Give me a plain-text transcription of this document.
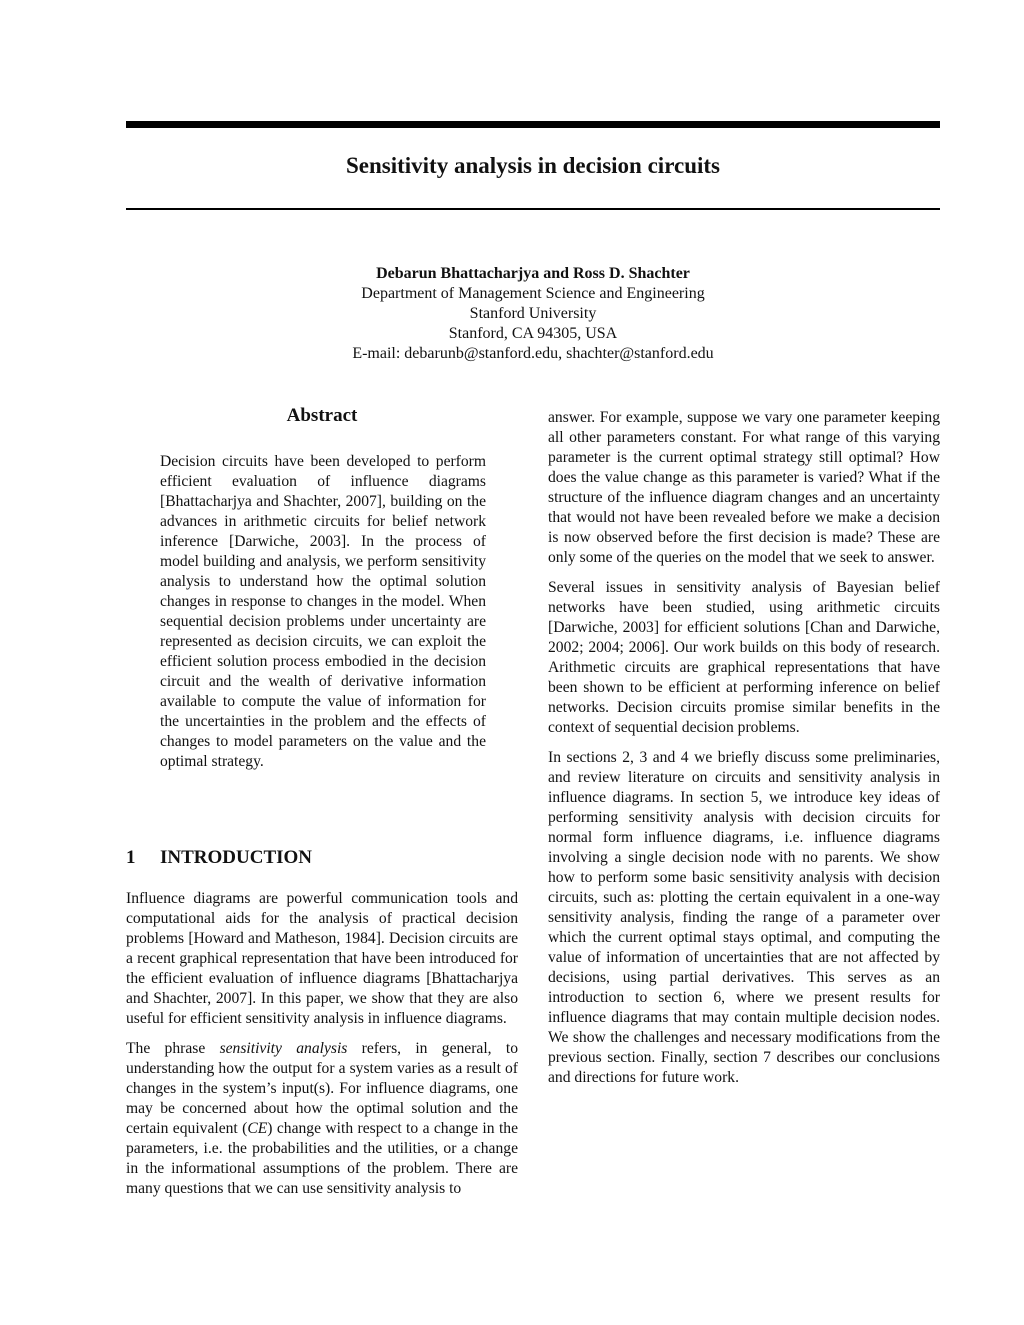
Sensitivity analysis in decision circuits
Debarun Bhattacharjya and Ross D. Shachter
Department of Management Science and Engineering
Stanford University
Stanford, CA 94305, USA
E-mail: debarunb@stanford.edu, shachter@stanford.edu
Abstract
Decision circuits have been developed to perform efficient evaluation of influence diagrams [Bhattacharjya and Shachter, 2007], building on the advances in arithmetic circuits for belief network inference [Darwiche, 2003]. In the process of model building and analysis, we perform sensitivity analysis to understand how the optimal solution changes in response to changes in the model. When sequential decision problems under uncertainty are represented as decision circuits, we can exploit the efficient solution process embodied in the decision circuit and the wealth of derivative information available to compute the value of information for the uncertainties in the problem and the effects of changes to model parameters on the value and the optimal strategy.
1 INTRODUCTION

Influence diagrams are powerful communication tools and computational aids for the analysis of practical decision problems [Howard and Matheson, 1984]. Decision circuits are a recent graphical representation that have been introduced for the efficient evaluation of influence diagrams [Bhattacharjya and Shachter, 2007]. In this paper, we show that they are also useful for efficient sensitivity analysis in influence diagrams.

The phrase sensitivity analysis refers, in general, to understanding how the output for a system varies as a result of changes in the system’s input(s). For influence diagrams, one may be concerned about how the optimal solution and the certain equivalent (CE) change with respect to a change in the parameters, i.e. the probabilities and the utilities, or a change in the informational assumptions of the problem. There are many questions that we can use sensitivity analysis to

answer. For example, suppose we vary one parameter keeping all other parameters constant. For what range of this varying parameter is the current optimal strategy still optimal? How does the value change as this parameter is varied? What if the structure of the influence diagram changes and an uncertainty that would not have been revealed before we make a decision is now observed before the first decision is made? These are only some of the queries on the model that we seek to answer.

Several issues in sensitivity analysis of Bayesian belief networks have been studied, using arithmetic circuits [Darwiche, 2003] for efficient solutions [Chan and Darwiche, 2002; 2004; 2006]. Our work builds on this body of research. Arithmetic circuits are graphical representations that have been shown to be efficient at performing inference on belief networks. Decision circuits promise similar benefits in the context of sequential decision problems.

In sections 2, 3 and 4 we briefly discuss some preliminaries, and review literature on circuits and sensitivity analysis in influence diagrams. In section 5, we introduce key ideas of performing sensitivity analysis with decision circuits for normal form influence diagrams, i.e. influence diagrams involving a single decision node with no parents. We show how to perform some basic sensitivity analysis with decision circuits, such as: plotting the certain equivalent in a one-way sensitivity analysis, finding the range of a parameter over which the current optimal stays optimal, and computing the value of information of uncertainties that are not affected by decisions, using partial derivatives. This serves as an introduction to section 6, where we present results for influence diagrams that may contain multiple decision nodes. We show the challenges and necessary modifications from the previous section. Finally, section 7 describes our conclusions and directions for future work.
